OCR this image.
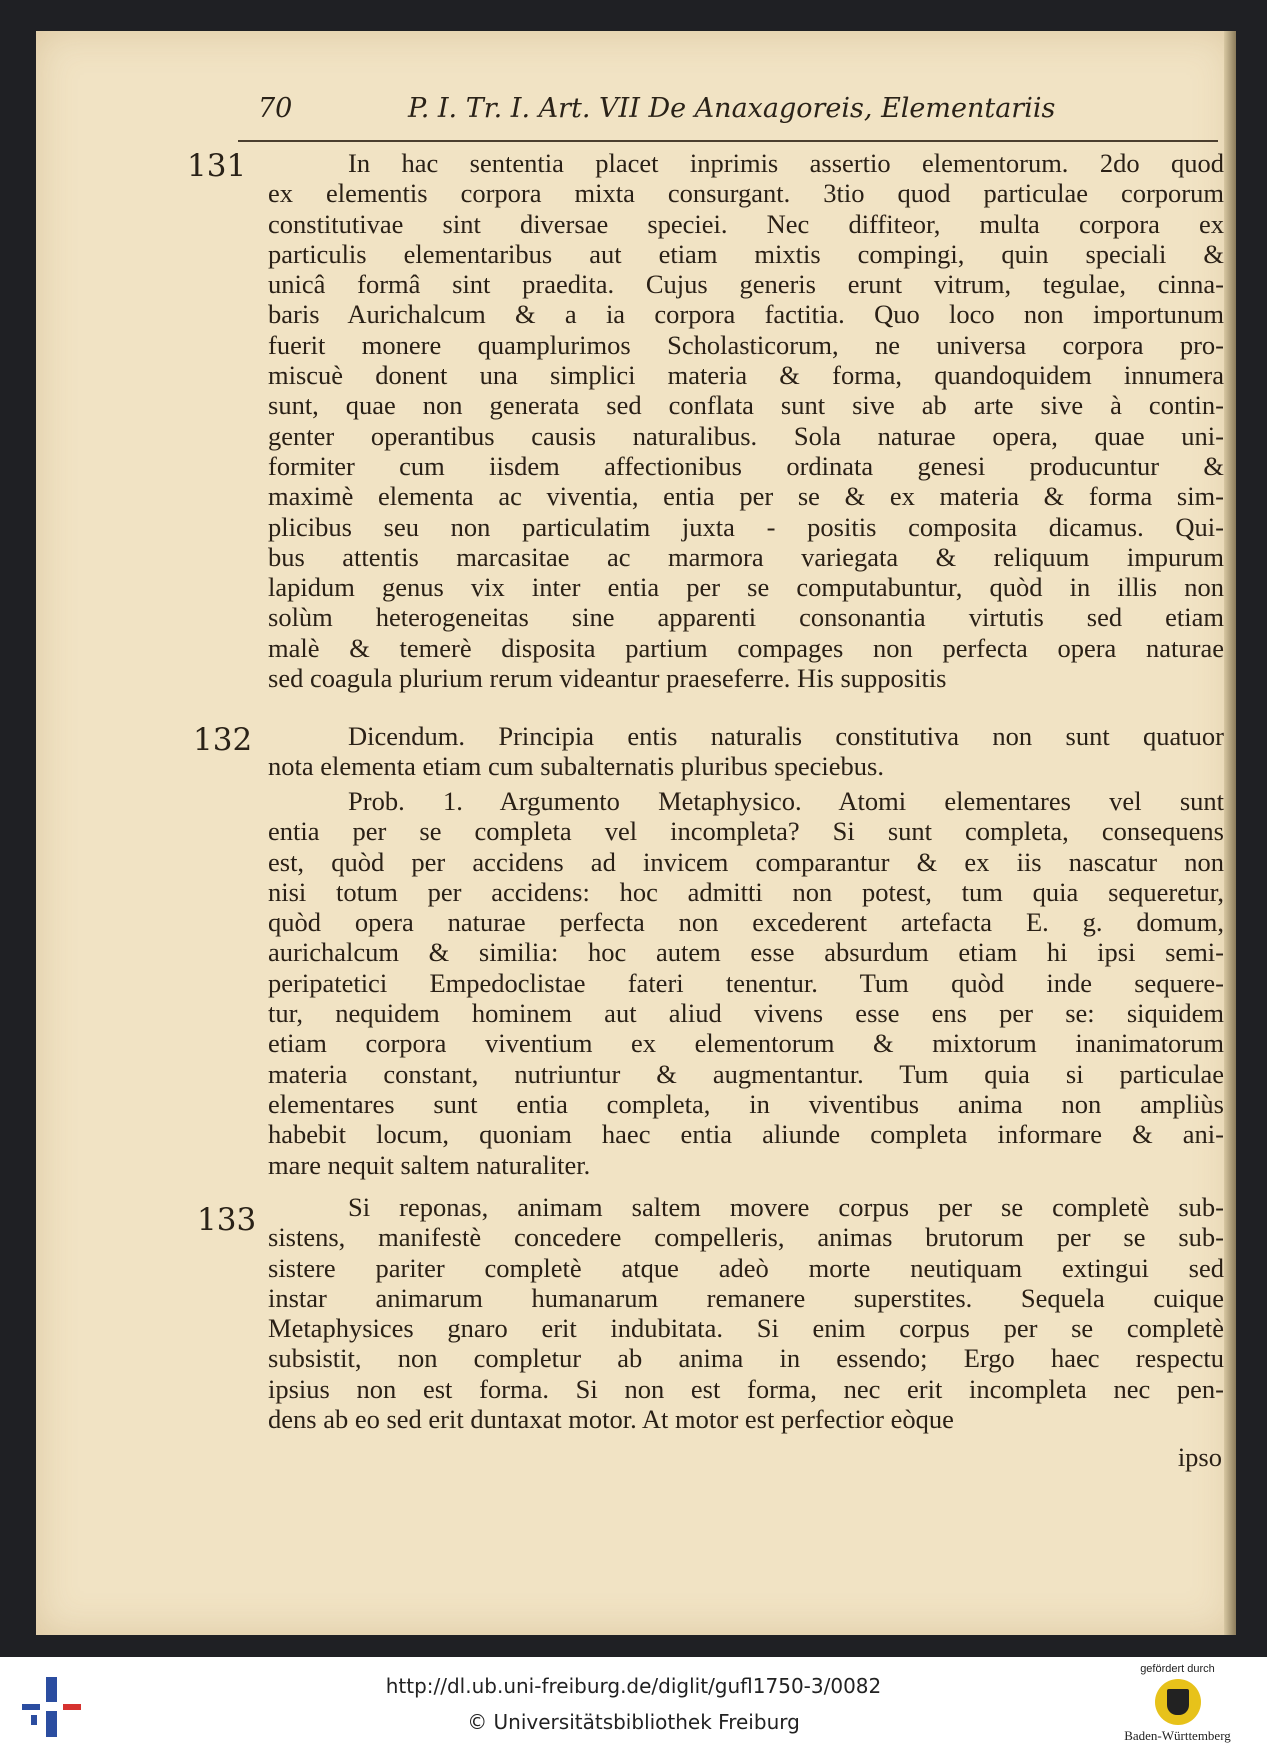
70	P. I. Tr. I. Art. VII De Anaxagoreis, Elementariis
131
132
133
In hac sententia placet inprimis assertio elementorum. 2do quod
ex elementis corpora mixta consurgant. 3tio quod particulae corporum
constitutivae sint diversae speciei. Nec diffiteor, multa corpora ex
particulis elementaribus aut etiam mixtis compingi, quin speciali &
unicâ formâ sint praedita. Cujus generis erunt vitrum, tegulae, cinna-
baris Aurichalcum & a ia corpora factitia. Quo loco non importunum
fuerit monere quamplurimos Scholasticorum, ne universa corpora pro-
miscuè donent una simplici materia & forma, quandoquidem innumera
sunt, quae non generata sed conflata sunt sive ab arte sive à contin-
genter operantibus causis naturalibus. Sola naturae opera, quae uni-
formiter cum iisdem affectionibus ordinata genesi producuntur &
maximè elementa ac viventia, entia per se & ex materia & forma sim-
plicibus seu non particulatim juxta - positis composita dicamus. Qui-
bus attentis marcasitae ac marmora variegata & reliquum impurum
lapidum genus vix inter entia per se computabuntur, quòd in illis non
solùm heterogeneitas sine apparenti consonantia virtutis sed etiam
malè & temerè disposita partium compages non perfecta opera naturae
sed coagula plurium rerum videantur praeseferre. His suppositis
Dicendum. Principia entis naturalis constitutiva non sunt quatuor
nota elementa etiam cum subalternatis pluribus speciebus.
Prob. 1. Argumento Metaphysico. Atomi elementares vel sunt
entia per se completa vel incompleta? Si sunt completa, consequens
est, quòd per accidens ad invicem comparantur & ex iis nascatur non
nisi totum per accidens: hoc admitti non potest, tum quia sequeretur,
quòd opera naturae perfecta non excederent artefacta E. g. domum,
aurichalcum & similia: hoc autem esse absurdum etiam hi ipsi semi-
peripatetici Empedoclistae fateri tenentur. Tum quòd inde sequere-
tur, nequidem hominem aut aliud vivens esse ens per se: siquidem
etiam corpora viventium ex elementorum & mixtorum inanimatorum
materia constant, nutriuntur & augmentantur. Tum quia si particulae
elementares sunt entia completa, in viventibus anima non ampliùs
habebit locum, quoniam haec entia aliunde completa informare & ani-
mare nequit saltem naturaliter.
Si reponas, animam saltem movere corpus per se completè sub-
sistens, manifestè concedere compelleris, animas brutorum per se sub-
sistere pariter completè atque adeò morte neutiquam extingui sed
instar animarum humanarum remanere superstites. Sequela cuique
Metaphysices gnaro erit indubitata. Si enim corpus per se completè
subsistit, non completur ab anima in essendo; Ergo haec respectu
ipsius non est forma. Si non est forma, nec erit incompleta nec pen-
dens ab eo sed erit duntaxat motor. At motor est perfectior eòque
ipso
http://dl.ub.uni-freiburg.de/diglit/gufl1750-3/0082
© Universitätsbibliothek Freiburg
gefördert durch
Baden-Württemberg
